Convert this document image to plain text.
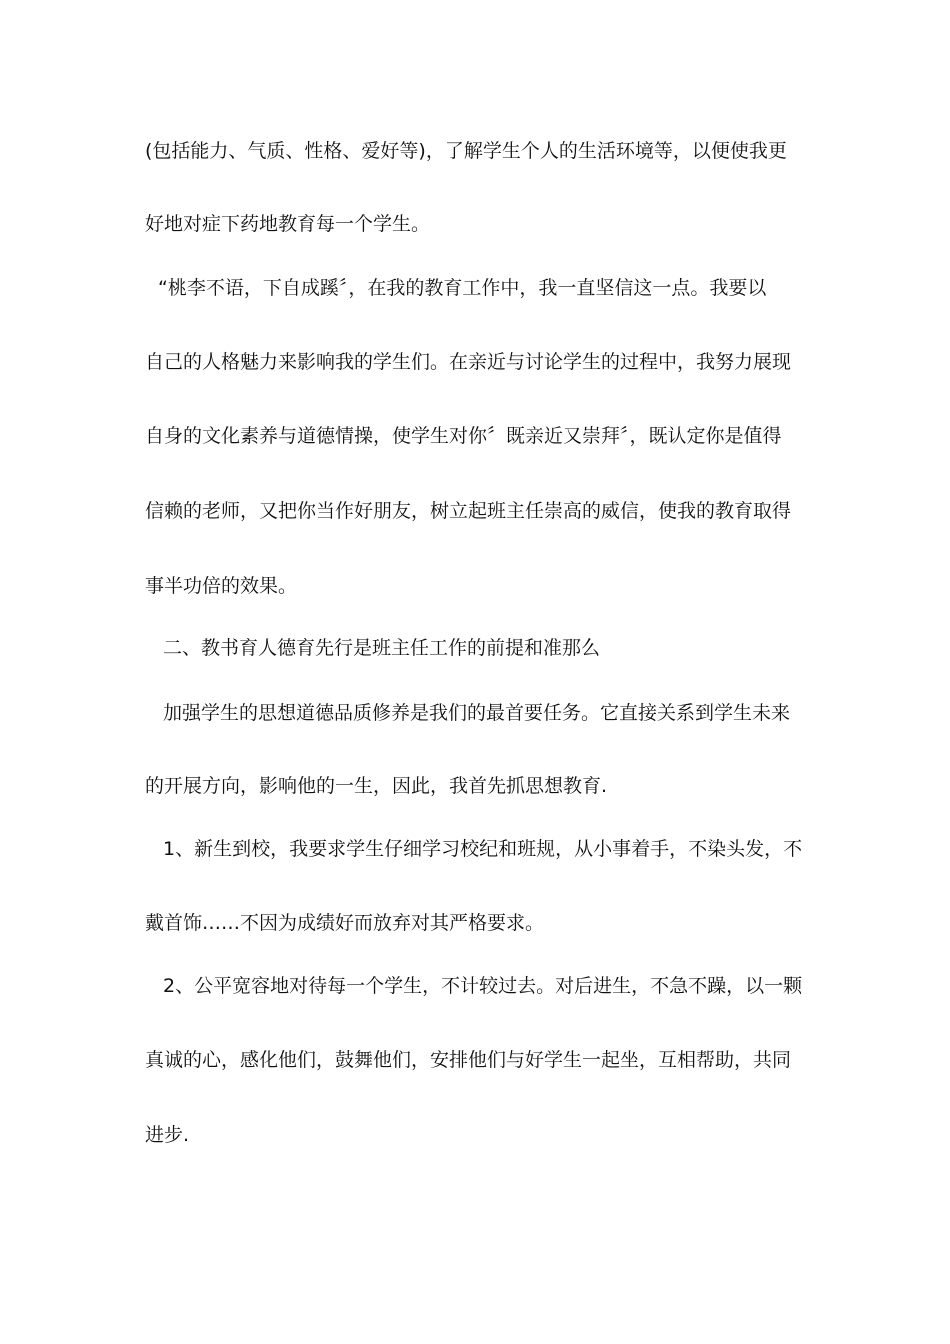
(包括能力、气质、性格、爱好等)，了解学生个人的生活环境等，以便使我更
好地对症下药地教育每一个学生。
“桃李不语，下自成蹊〞，在我的教育工作中，我一直坚信这一点。我要以
自己的人格魅力来影响我的学生们。在亲近与讨论学生的过程中，我努力展现
自身的文化素养与道德情操，使学生对你〞既亲近又崇拜〞，既认定你是值得
信赖的老师，又把你当作好朋友，树立起班主任崇高的威信，使我的教育取得
事半功倍的效果。
二、教书育人德育先行是班主任工作的前提和准那么
加强学生的思想道德品质修养是我们的最首要任务。它直接关系到学生未来
的开展方向，影响他的一生，因此，我首先抓思想教育.
1、新生到校，我要求学生仔细学习校纪和班规，从小事着手，不染头发，不
戴首饰……不因为成绩好而放弃对其严格要求。
2、公平宽容地对待每一个学生，不计较过去。对后进生，不急不躁，以一颗
真诚的心，感化他们，鼓舞他们，安排他们与好学生一起坐，互相帮助，共同
进步.
